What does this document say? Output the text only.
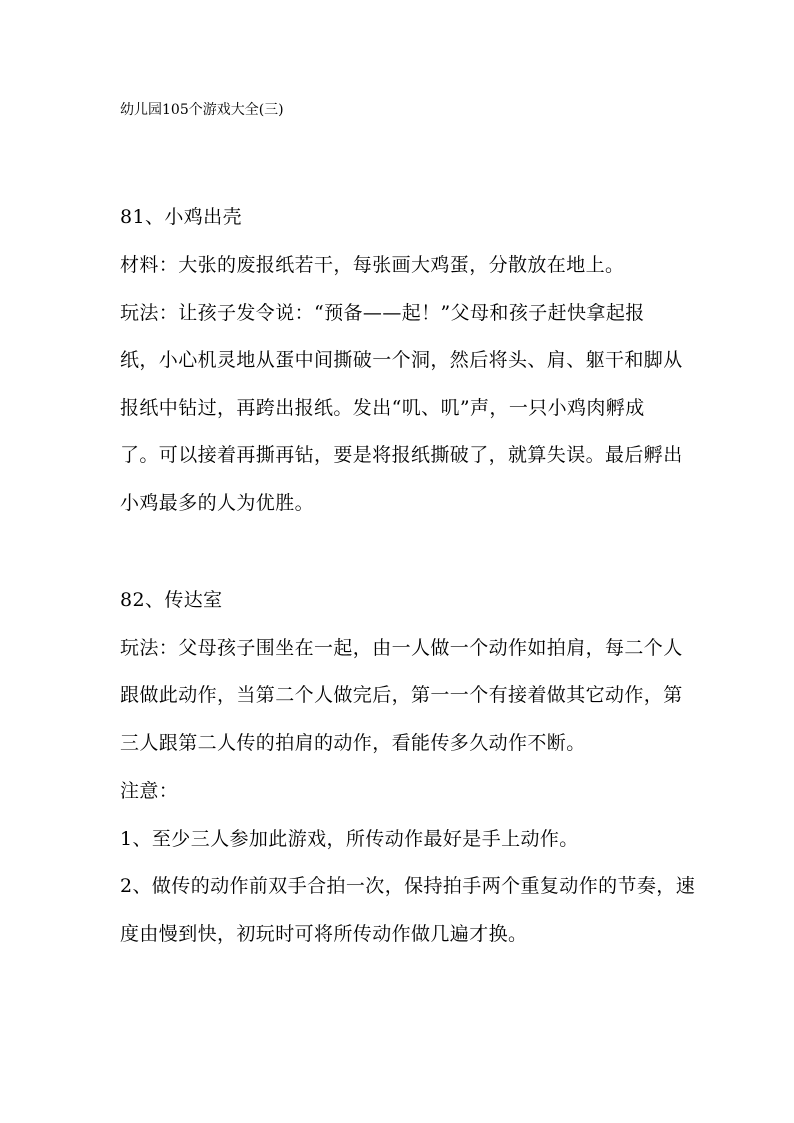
幼儿园105个游戏大全(三)
81、小鸡出壳
材料：大张的废报纸若干，每张画大鸡蛋，分散放在地上。
玩法：让孩子发令说：“预备——起！”父母和孩子赶快拿起报
纸，小心机灵地从蛋中间撕破一个洞，然后将头、肩、躯干和脚从
报纸中钻过，再跨出报纸。发出“叽、叽”声，一只小鸡肉孵成
了。可以接着再撕再钻，要是将报纸撕破了，就算失误。最后孵出
小鸡最多的人为优胜。
82、传达室
玩法：父母孩子围坐在一起，由一人做一个动作如拍肩，每二个人
跟做此动作，当第二个人做完后，第一一个有接着做其它动作，第
三人跟第二人传的拍肩的动作，看能传多久动作不断。
注意：
1、至少三人参加此游戏，所传动作最好是手上动作。
2、做传的动作前双手合拍一次，保持拍手两个重复动作的节奏，速
度由慢到快，初玩时可将所传动作做几遍才换。
